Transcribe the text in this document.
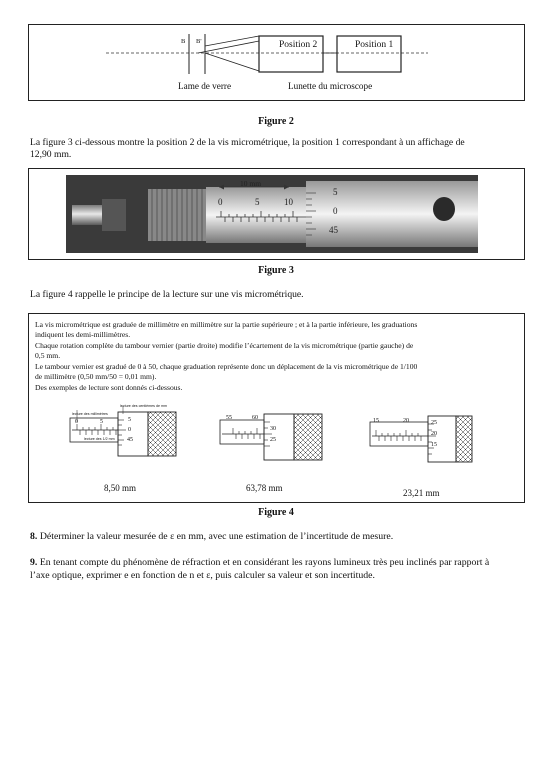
B B'	Position 2	Position 1
Lame de verre	Lunette du microscope
Figure 2
La figure 3 ci-dessous montre la position 2 de la vis micrométrique, la position 1 correspondant à un affichage de
12,90 mm.
10 mm
0	5	10
5
0
45
Figure 3
La figure 4 rappelle le principe de la lecture sur une vis micrométrique.
La vis micrométrique est graduée de millimètre en millimètre sur la partie supérieure ; et à la partie inférieure, les graduations
indiquent les demi-millimètres.
Chaque rotation complète du tambour vernier (partie droite) modifie l’écartement de la vis micrométrique (partie gauche) de
0,5 mm.
Le tambour vernier est gradué de 0 à 50, chaque graduation représente donc un déplacement de la vis micrométrique de 1/100
de millimètre (0,50 mm/50 = 0,01 mm).
Des exemples de lecture sont donnés ci-dessous.
lecture des centièmes de mm
lecture des millimètres
lecture des 1/2 mm
0	5	5
0
45
8,50 mm
55	60
30
25
63,78 mm
15	20	25
20
15
23,21 mm
Figure 4
8. Déterminer la valeur mesurée de ε en mm, avec une estimation de l’incertitude de mesure.
9. En tenant compte du phénomène de réfraction et en considérant les rayons lumineux très peu inclinés par rapport à
l’axe optique, exprimer e en fonction de n et ε, puis calculer sa valeur et son incertitude.
